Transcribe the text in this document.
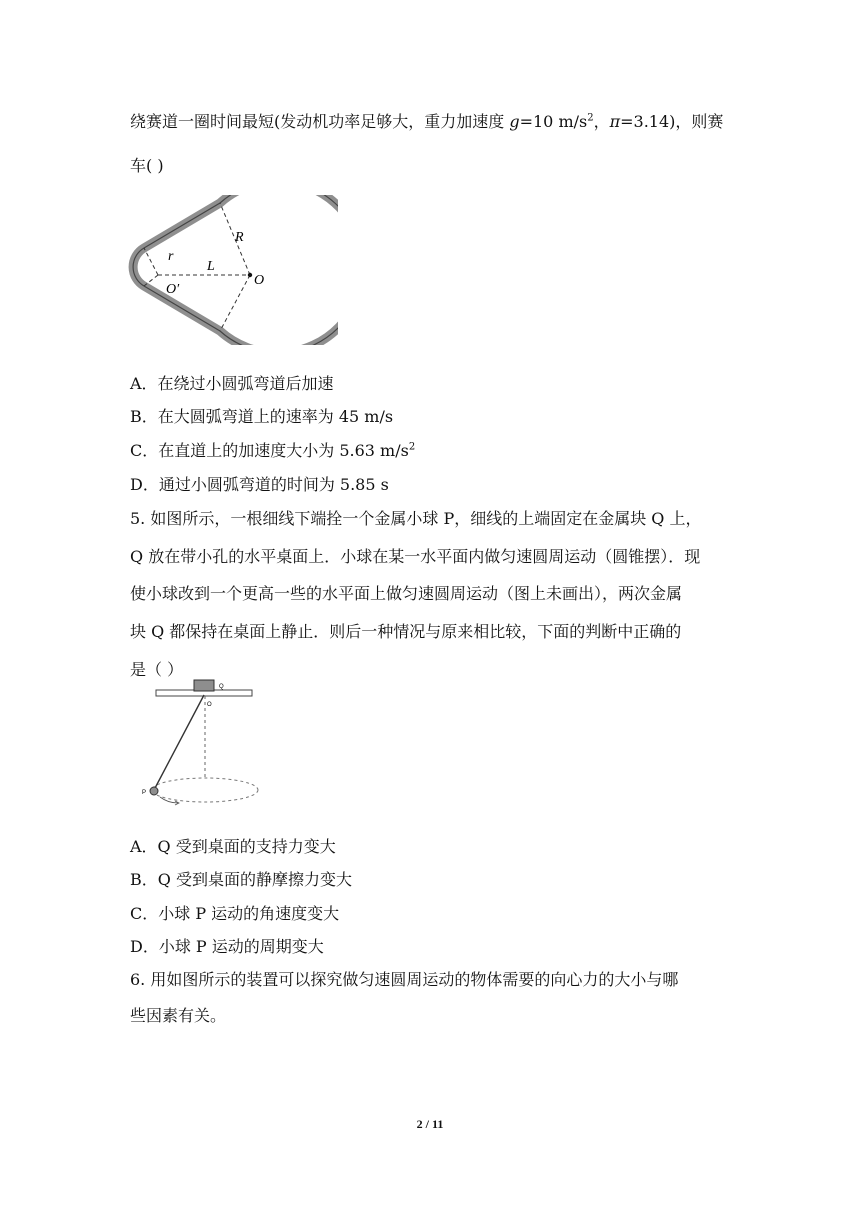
绕赛道一圈时间最短(发动机功率足够大，重力加速度 g=10 $m/s^2$，π=3.14)，则赛
车( )
R
r
L
O
O′
A．在绕过小圆弧弯道后加速
B．在大圆弧弯道上的速率为 45 m/s
C．在直道上的加速度大小为 5.63 $m/s^2$
D．通过小圆弧弯道的时间为 5.85 s
5. 如图所示，一根细线下端拴一个金属小球 P，细线的上端固定在金属块 Q 上，
Q 放在带小孔的水平桌面上．小球在某一水平面内做匀速圆周运动（圆锥摆）．现
使小球改到一个更高一些的水平面上做匀速圆周运动（图上未画出），两次金属
块 Q 都保持在桌面上静止．则后一种情况与原来相比较，下面的判断中正确的
是（ ）
Q
O
P
A．Q 受到桌面的支持力变大
B．Q 受到桌面的静摩擦力变大
C．小球 P 运动的角速度变大
D．小球 P 运动的周期变大
6. 用如图所示的装置可以探究做匀速圆周运动的物体需要的向心力的大小与哪
些因素有关。
2 / 11
